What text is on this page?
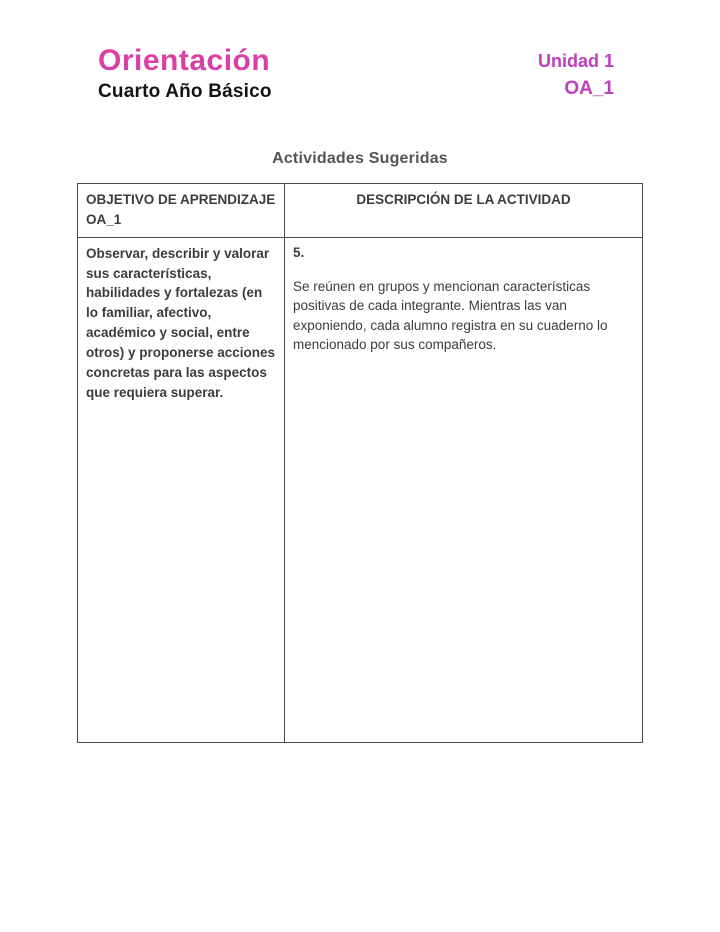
Orientación
Cuarto Año Básico
Unidad 1
OA_1
Actividades Sugeridas
OBJETIVO DE APRENDIZAJE OA_1	DESCRIPCIÓN DE LA ACTIVIDAD
Observar, describir y valorar sus características, habilidades y fortalezas (en lo familiar, afectivo, académico y social, entre otros) y proponerse acciones concretas para las aspectos que requiera superar.	5.

Se reúnen en grupos y mencionan características positivas de cada integrante. Mientras las van exponiendo, cada alumno registra en su cuaderno lo mencionado por sus compañeros.
